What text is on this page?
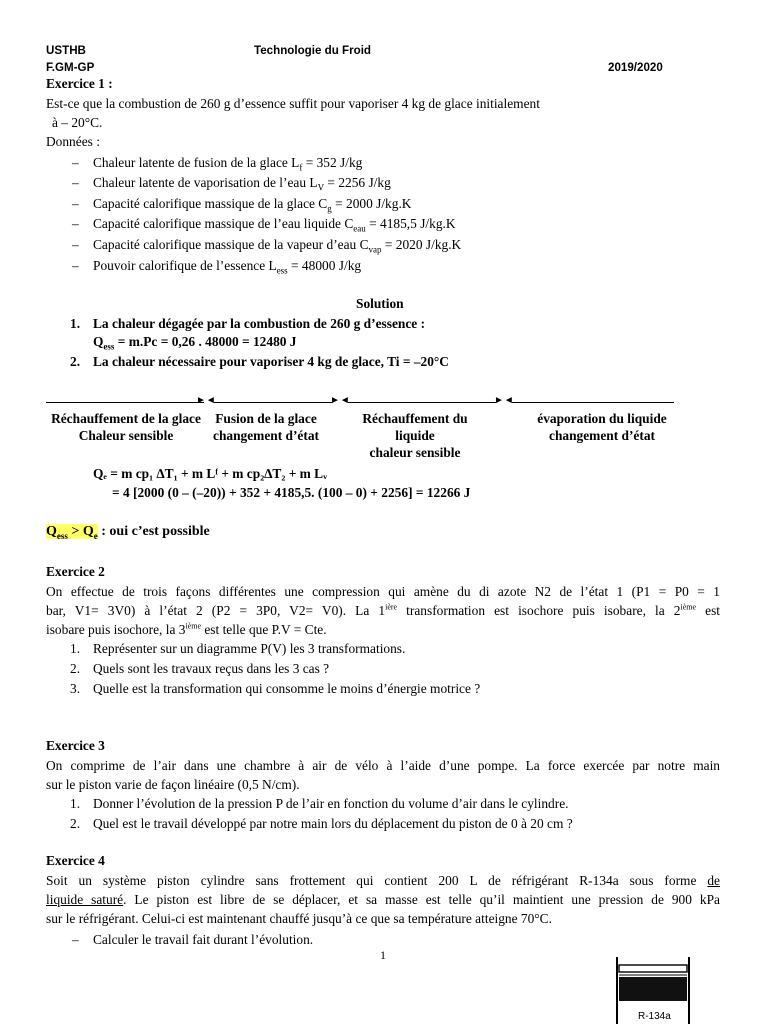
USTHB	Technologie du Froid
F.GM-GP	2019/2020
Exercice 1 :
Est-ce que la combustion de 260 g d’essence suffit pour vaporiser 4 kg de glace initialement
à – 20°C.
Données :
– Chaleur latente de fusion de la glace $L_f = 352$ J/kg
– Chaleur latente de vaporisation de l’eau $L_V = 2256$ J/kg
– Capacité calorifique massique de la glace $C_g = 2000$ J/kg.K
– Capacité calorifique massique de l’eau liquide $C_{eau} = 4185,5$ J/kg.K
– Capacité calorifique massique de la vapeur d’eau $C_{vap} = 2020$ J/kg.K
– Pouvoir calorifique de l’essence $L_{ess} = 48000$ J/kg
Solution
1. La chaleur dégagée par la combustion de 260 g d’essence :
$Q_{ess} = m.Pc = 0,26$ . 48000 = 12480 J
2. La chaleur nécessaire pour vaporiser 4 kg de glace, Ti = –20°C
►◄	►◄	►◄
Réchauffement de la glace
Chaleur sensible
Fusion de la glace
changement d’état
Réchauffement du liquide
chaleur sensible
évaporation du liquide
changement d’état
Qₑ = m cp₁ ∆T₁ + m Lᶠ + m cp₂∆T₂ + m Lᵥ
= 4 [2000 (0 – (–20)) + 352 + 4185,5. (100 – 0) + 2256] = 12266 J
$Q_{ess} > Q_e$ : oui c’est possible
Exercice 2
On effectue de trois façons différentes une compression qui amène du di azote N2 de l’état 1 (P1 = P0 = 1
bar, V1= 3V0) à l’état 2 (P2 = 3P0, V2= V0). La $1^{ière}$ transformation est isochore puis isobare, la 2ième est
isobare puis isochore, la 3ième est telle que P.V = Cte.
1. Représenter sur un diagramme P(V) les 3 transformations.
2. Quels sont les travaux reçus dans les 3 cas ?
3. Quelle est la transformation qui consomme le moins d’énergie motrice ?
Exercice 3
On comprime de l’air dans une chambre à air de vélo à l’aide d’une pompe. La force exercée par notre main
sur le piston varie de façon linéaire (0,5 N/cm).
1. Donner l’évolution de la pression P de l’air en fonction du volume d’air dans le cylindre.
2. Quel est le travail développé par notre main lors du déplacement du piston de 0 à 20 cm ?
Exercice 4
Soit un système piston cylindre sans frottement qui contient 200 L de réfrigérant R-134a sous forme de
liquide saturé. Le piston est libre de se déplacer, et sa masse est telle qu’il maintient une pression de 900 kPa
sur le réfrigérant. Celui-ci est maintenant chauffé jusqu’à ce que sa température atteigne 70°C.
– Calculer le travail fait durant l’évolution.
1
R-134a
